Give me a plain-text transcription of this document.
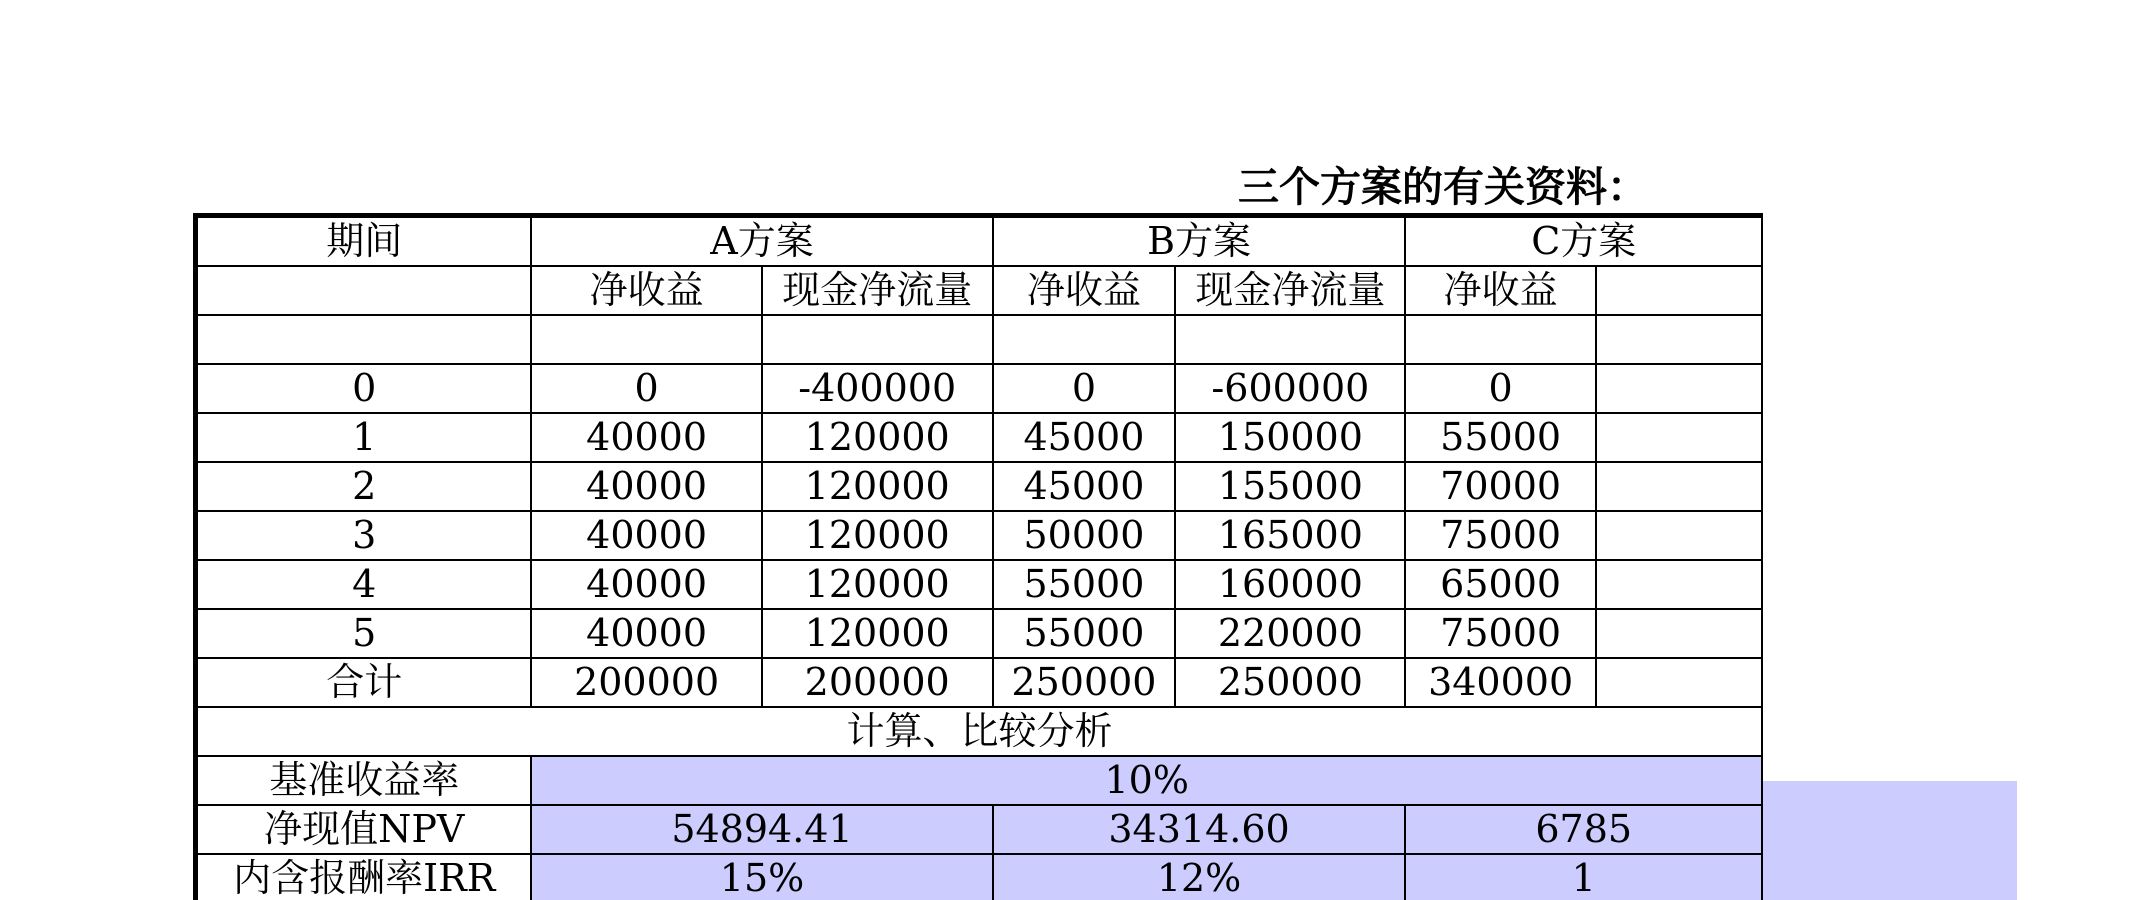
三个方案的有关资料：
期间	A方案		B方案		C方案	
	净收益	现金净流量	净收益	现金净流量	净收益	

0	0	-400000	0	-600000	0	
1	40000	120000	45000	150000	55000	
2	40000	120000	45000	155000	70000	
3	40000	120000	50000	165000	75000	
4	40000	120000	55000	160000	65000	
5	40000	120000	55000	220000	75000	
合计	200000	200000	250000	250000	340000	
计算、比较分析						
基准收益率	10%					
净现值NPV	54894.41		34314.60		6785	
内含报酬率IRR	15%		12%		1	
